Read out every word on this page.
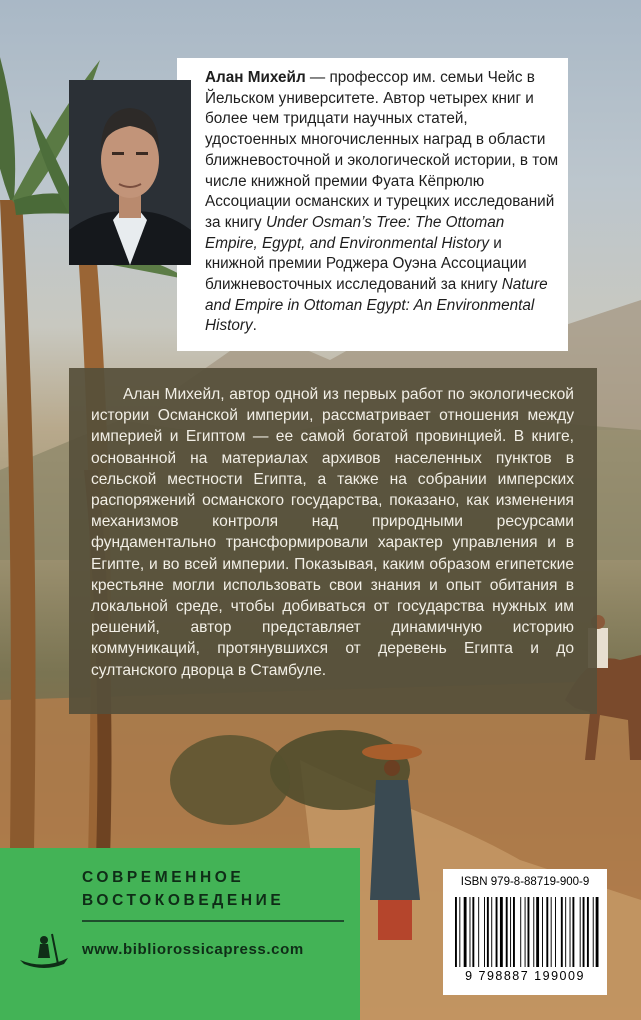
Алан Михейл — профессор им. семьи Чейс в Йельском университете. Автор четырех книг и более чем тридцати научных статей, удостоенных многочисленных наград в области ближневосточной и экологической истории, в том числе книжной премии Фуата Кёпрюлю Ассоциации османских и турецких исследований за книгу Under Osman’s Tree: The Ottoman Empire, Egypt, and Environmental History и книжной премии Роджера Оуэна Ассоциации ближневосточных исследований за книгу Nature and Empire in Ottoman Egypt: An Environmental History.
Алан Михейл, автор одной из первых работ по экологической истории Османской империи, рассматривает отношения между империей и Египтом — ее самой богатой провинцией. В книге, основанной на материалах архивов населенных пунктов в сельской местности Египта, а также на собрании имперских распоряжений османского государства, показано, как изменения механизмов контроля над природными ресурсами фундаментально трансформировали характер управления и в Египте, и во всей империи. Показывая, каким образом египетские крестьяне могли использовать свои знания и опыт обитания в локальной среде, чтобы добиваться от государства нужных им решений, автор представляет динамичную историю коммуникаций, протянувшихся от деревень Египта и до султанского дворца в Стамбуле.
СОВРЕМЕННОЕ
ВОСТОКОВЕДЕНИЕ
www.bibliorossicapress.com
ISBN 979-8-88719-900-9
9 798887 199009
